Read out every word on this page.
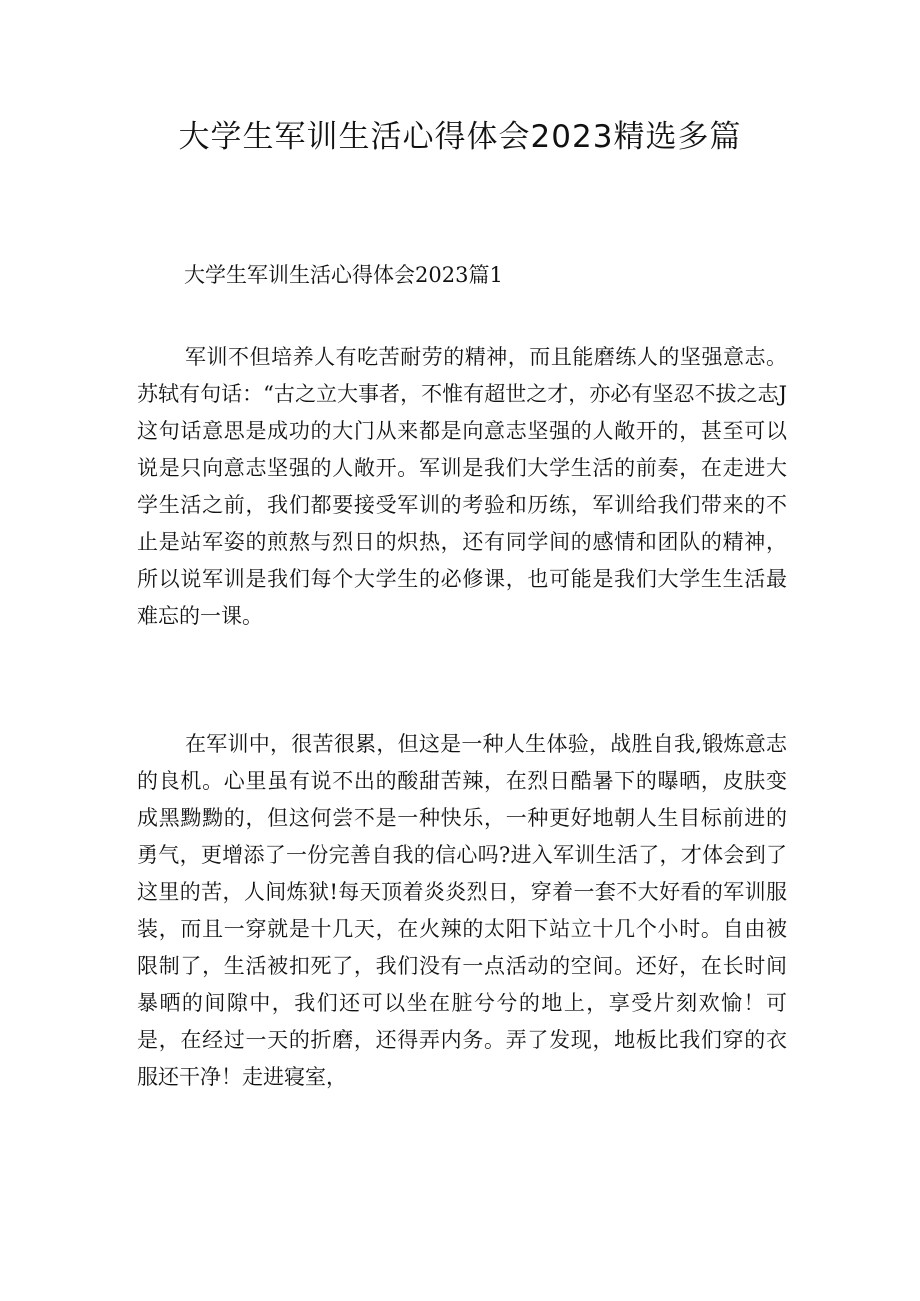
大学生军训生活心得体会2023精选多篇
大学生军训生活心得体会2023篇1

军训不但培养人有吃苦耐劳的精神，而且能磨练人的坚强意志。苏轼有句话：“古之立大事者，不惟有超世之才，亦必有坚忍不拔之志J这句话意思是成功的大门从来都是向意志坚强的人敞开的，甚至可以说是只向意志坚强的人敞开。军训是我们大学生活的前奏，在走进大学生活之前，我们都要接受军训的考验和历练，军训给我们带来的不止是站军姿的煎熬与烈日的炽热，还有同学间的感情和团队的精神，所以说军训是我们每个大学生的必修课，也可能是我们大学生生活最难忘的一课。

在军训中，很苦很累，但这是一种人生体验，战胜自我,锻炼意志的良机。心里虽有说不出的酸甜苦辣，在烈日酷暑下的曝晒，皮肤变成黑黝黝的，但这何尝不是一种快乐，一种更好地朝人生目标前进的勇气，更增添了一份完善自我的信心吗?进入军训生活了，才体会到了这里的苦，人间炼狱!每天顶着炎炎烈日，穿着一套不大好看的军训服装，而且一穿就是十几天，在火辣的太阳下站立十几个小时。自由被限制了，生活被扣死了，我们没有一点活动的空间。还好，在长时间暴晒的间隙中，我们还可以坐在脏兮兮的地上，享受片刻欢愉！可是，在经过一天的折磨，还得弄内务。弄了发现，地板比我们穿的衣服还干净！走进寝室，
